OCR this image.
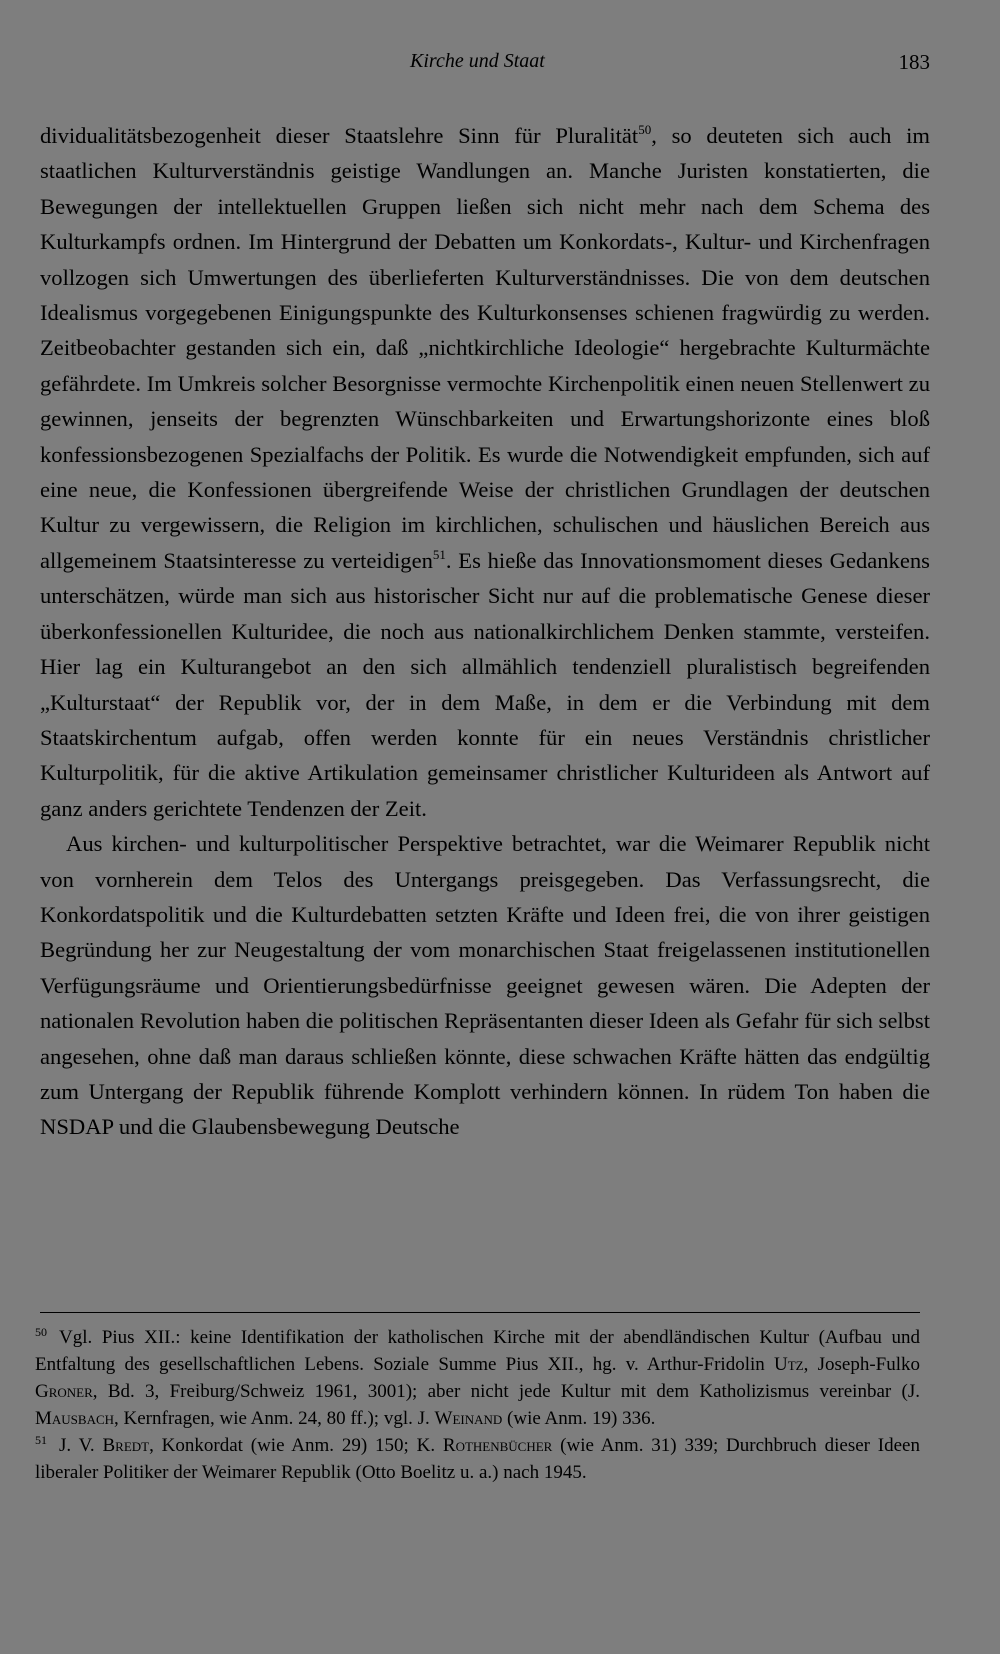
Kirche und Staat	183

dividualitätsbezogenheit dieser Staatslehre Sinn für Pluralität$^{50}$, so deuteten sich auch im staatlichen Kulturverständnis geistige Wandlungen an. Manche Juristen konstatierten, die Bewegungen der intellektuellen Gruppen ließen sich nicht mehr nach dem Schema des Kulturkampfs ordnen. Im Hintergrund der Debatten um Konkordats-, Kultur- und Kirchenfragen vollzogen sich Umwertungen des überlieferten Kulturverständnisses. Die von dem deutschen Idealismus vorgegebenen Einigungspunkte des Kulturkonsenses schienen fragwürdig zu werden. Zeitbeobachter gestanden sich ein, daß „nichtkirchliche Ideologie“ hergebrachte Kulturmächte gefährdete. Im Umkreis solcher Besorgnisse vermochte Kirchenpolitik einen neuen Stellenwert zu gewinnen, jenseits der begrenzten Wünschbarkeiten und Erwartungshorizonte eines bloß konfessionsbezogenen Spezialfachs der Politik. Es wurde die Notwendigkeit empfunden, sich auf eine neue, die Konfessionen übergreifende Weise der christlichen Grundlagen der deutschen Kultur zu vergewissern, die Religion im kirchlichen, schulischen und häuslichen Bereich aus allgemeinem Staatsinteresse zu verteidigen$^{51}$. Es hieße das Innovationsmoment dieses Gedankens unterschätzen, würde man sich aus historischer Sicht nur auf die problematische Genese dieser überkonfessionellen Kulturidee, die noch aus nationalkirchlichem Denken stammte, versteifen. Hier lag ein Kulturangebot an den sich allmählich tendenziell pluralistisch begreifenden „Kulturstaat“ der Republik vor, der in dem Maße, in dem er die Verbindung mit dem Staatskirchentum aufgab, offen werden konnte für ein neues Verständnis christlicher Kulturpolitik, für die aktive Artikulation gemeinsamer christlicher Kulturideen als Antwort auf ganz anders gerichtete Tendenzen der Zeit.

Aus kirchen- und kulturpolitischer Perspektive betrachtet, war die Weimarer Republik nicht von vornherein dem Telos des Untergangs preisgegeben. Das Verfassungsrecht, die Konkordatspolitik und die Kulturdebatten setzten Kräfte und Ideen frei, die von ihrer geistigen Begründung her zur Neugestaltung der vom monarchischen Staat freigelassenen institutionellen Verfügungsräume und Orientierungsbedürfnisse geeignet gewesen wären. Die Adepten der nationalen Revolution haben die politischen Repräsentanten dieser Ideen als Gefahr für sich selbst angesehen, ohne daß man daraus schließen könnte, diese schwachen Kräfte hätten das endgültig zum Untergang der Republik führende Komplott verhindern können. In rüdem Ton haben die NSDAP und die Glaubensbewegung Deutsche

50 Vgl. Pius XII.: keine Identifikation der katholischen Kirche mit der abendländischen Kultur (Aufbau und Entfaltung des gesellschaftlichen Lebens. Soziale Summe Pius XII., hg. v. Arthur-Fridolin Utz, Joseph-Fulko Groner, Bd. 3, Freiburg/Schweiz 1961, 3001); aber nicht jede Kultur mit dem Katholizismus vereinbar (J. Mausbach, Kernfragen, wie Anm. 24, 80 ff.); vgl. J. Weinand (wie Anm. 19) 336.

51 J. V. Bredt, Konkordat (wie Anm. 29) 150; K. Rothenbücher (wie Anm. 31) 339; Durchbruch dieser Ideen liberaler Politiker der Weimarer Republik (Otto Boelitz u. a.) nach 1945.
